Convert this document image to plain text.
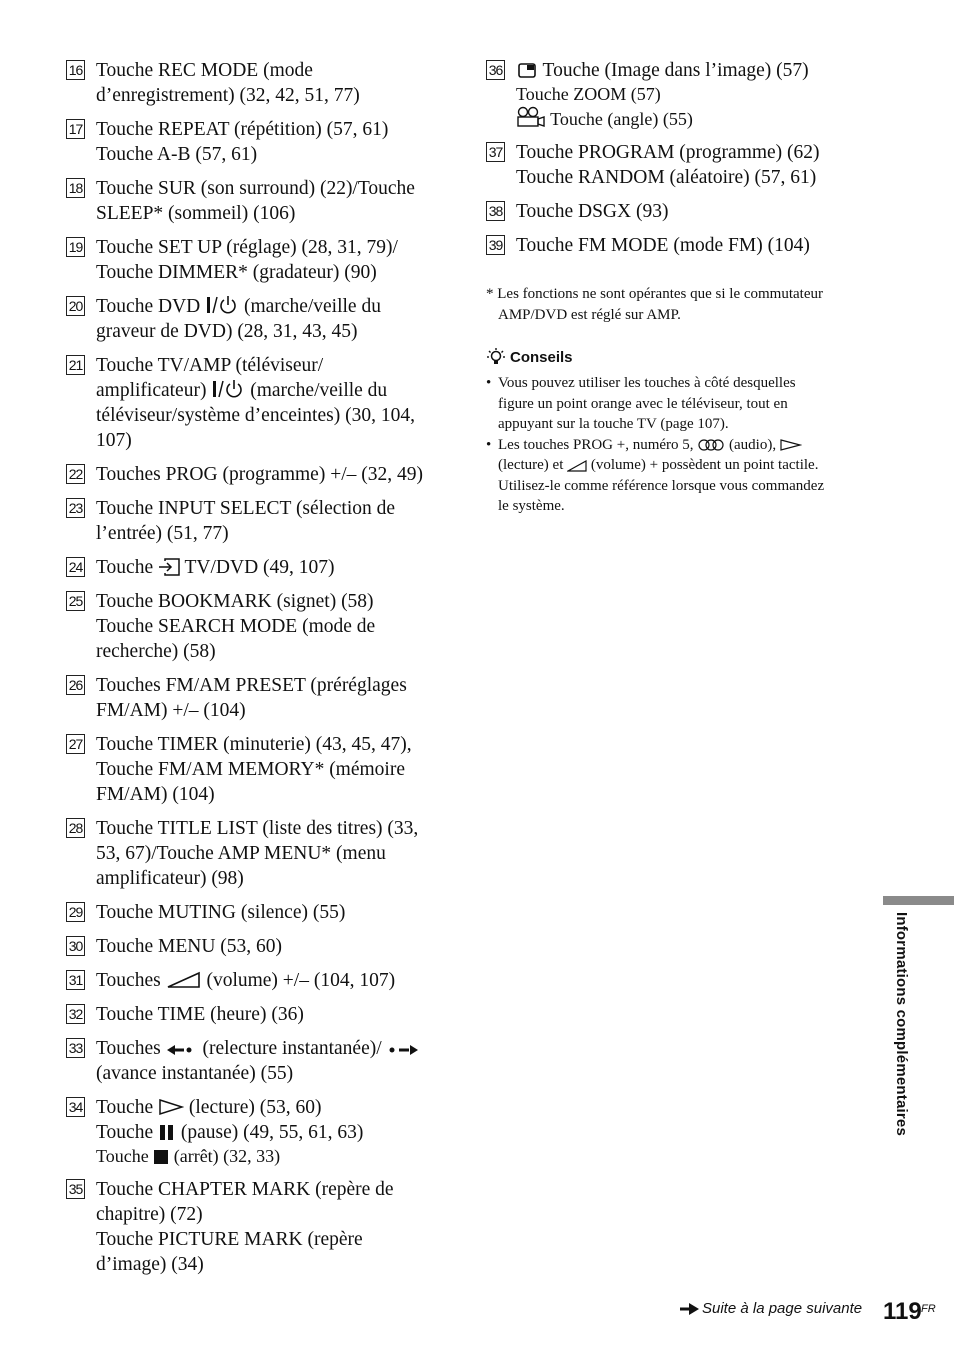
16 Touche REC MODE (mode
d’enregistrement) (32, 42, 51, 77)
17 Touche REPEAT (répétition) (57, 61)
Touche A-B (57, 61)
18 Touche SUR (son surround) (22)/Touche
SLEEP* (sommeil) (106)
19 Touche SET UP (réglage) (28, 31, 79)/
Touche DIMMER* (gradateur) (90)
20 Touche DVD  (marche/veille du
graveur de DVD) (28, 31, 43, 45)
21 Touche TV/AMP (téléviseur/
amplificateur)  (marche/veille du
téléviseur/système d’enceintes) (30, 104,
107)
22 Touches PROG (programme) +/– (32, 49)
23 Touche INPUT SELECT (sélection de
l’entrée) (51, 77)
24 Touche  TV/DVD (49, 107)
25 Touche BOOKMARK (signet) (58)
Touche SEARCH MODE (mode de
recherche) (58)
26 Touches FM/AM PRESET (préréglages
FM/AM) +/– (104)
27 Touche TIMER (minuterie) (43, 45, 47),
Touche FM/AM MEMORY* (mémoire
FM/AM) (104)
28 Touche TITLE LIST (liste des titres) (33,
53, 67)/Touche AMP MENU* (menu
amplificateur) (98)
29 Touche MUTING (silence) (55)
30 Touche MENU (53, 60)
31 Touches  (volume) +/– (104, 107)
32 Touche TIME (heure) (36)
33 Touches  (relecture instantanée)/
(avance instantanée) (55)
34 Touche  (lecture) (53, 60)
Touche  (pause) (49, 55, 61, 63)
Touche  (arrêt) (32, 33)
35 Touche CHAPTER MARK (repère de
chapitre) (72)
Touche PICTURE MARK (repère
d’image) (34)
36	Touche (Image dans l’image) (57)
Touche ZOOM (57)
Touche (angle) (55)
37 Touche PROGRAM (programme) (62)
Touche RANDOM (aléatoire) (57, 61)
38 Touche DSGX (93)
39 Touche FM MODE (mode FM) (104)
* Les fonctions ne sont opérantes que si le commutateur
AMP/DVD est réglé sur AMP.
Conseils
• Vous pouvez utiliser les touches à côté desquelles
figure un point orange avec le téléviseur, tout en
appuyant sur la touche TV (page 107).
• Les touches PROG +, numéro 5,  (audio),
(lecture) et  (volume) + possèdent un point tactile.
Utilisez-le comme référence lorsque vous commandez
le système.
Informations complémentaires
Suite à la page suivante 119 FR
